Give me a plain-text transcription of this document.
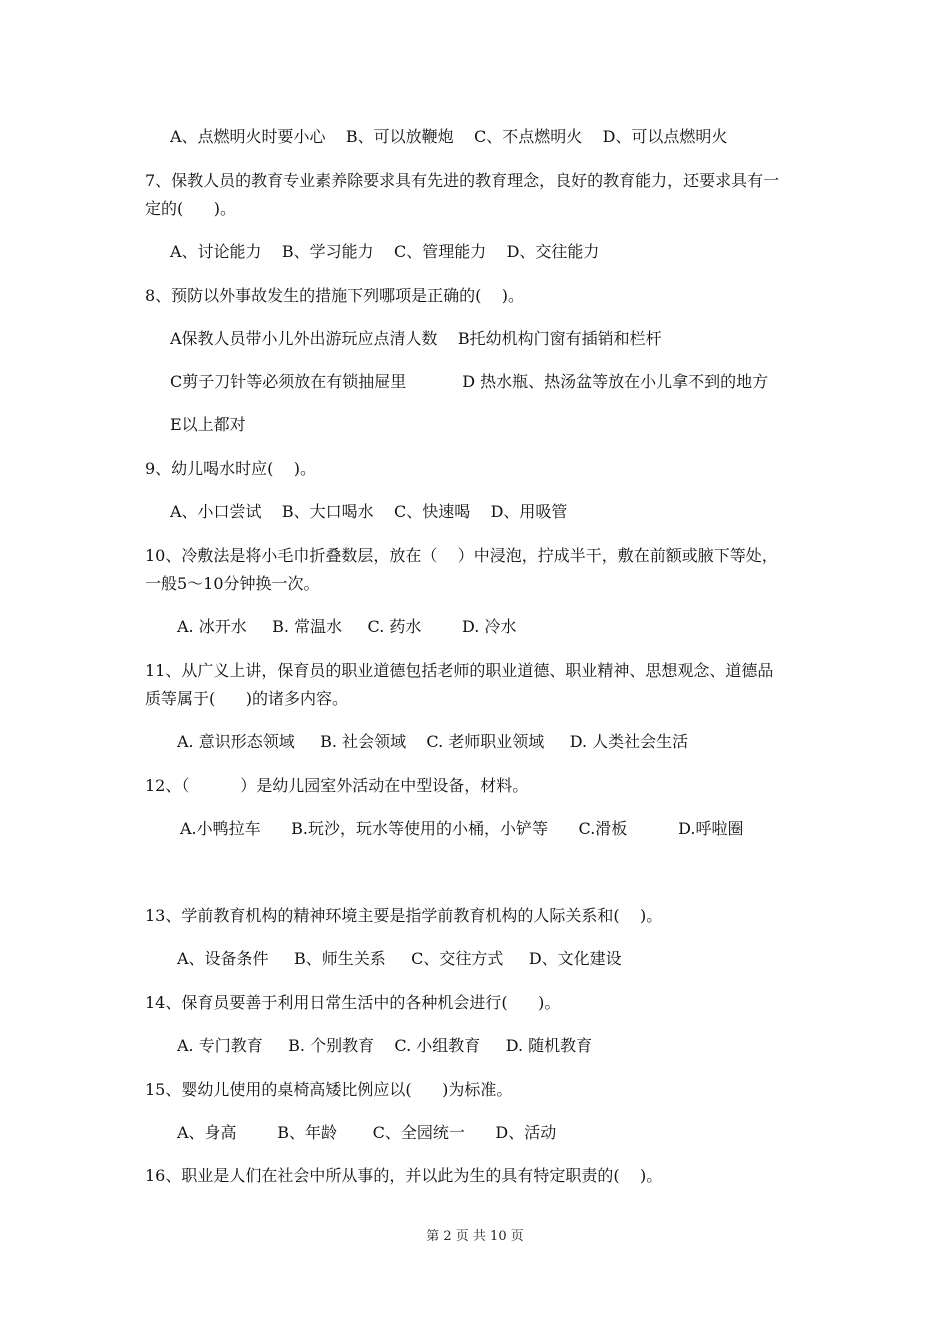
A、点燃明火时要小心    B、可以放鞭炮    C、不点燃明火    D、可以点燃明火
7、保教人员的教育专业素养除要求具有先进的教育理念，良好的教育能力，还要求具有一
定的(      )。
A、讨论能力    B、学习能力    C、管理能力    D、交往能力
8、预防以外事故发生的措施下列哪项是正确的(    )。
A保教人员带小儿外出游玩应点清人数    B托幼机构门窗有插销和栏杆
C剪子刀针等必须放在有锁抽屉里           D 热水瓶、热汤盆等放在小儿拿不到的地方
E以上都对
9、幼儿喝水时应(    )。
A、小口尝试    B、大口喝水    C、快速喝    D、用吸管
10、冷敷法是将小毛巾折叠数层，放在（    ）中浸泡，拧成半干，敷在前额或腋下等处，
一般5～10分钟换一次。
A. 冰开水     B. 常温水     C. 药水        D. 冷水
11、从广义上讲，保育员的职业道德包括老师的职业道德、职业精神、思想观念、道德品
质等属于(      )的诸多内容。
A. 意识形态领域     B. 社会领域    C. 老师职业领域     D. 人类社会生活
12、（          ）是幼儿园室外活动在中型设备，材料。
A.小鸭拉车      B.玩沙，玩水等使用的小桶，小铲等      C.滑板          D.呼啦圈
13、学前教育机构的精神环境主要是指学前教育机构的人际关系和(    )。
A、设备条件     B、师生关系     C、交往方式     D、文化建设
14、保育员要善于利用日常生活中的各种机会进行(      )。
A. 专门教育     B. 个别教育    C. 小组教育     D. 随机教育
15、婴幼儿使用的桌椅高矮比例应以(      )为标准。
A、身高        B、年龄       C、全园统一      D、活动
16、职业是人们在社会中所从事的，并以此为生的具有特定职责的(    )。
第 2 页 共 10 页
